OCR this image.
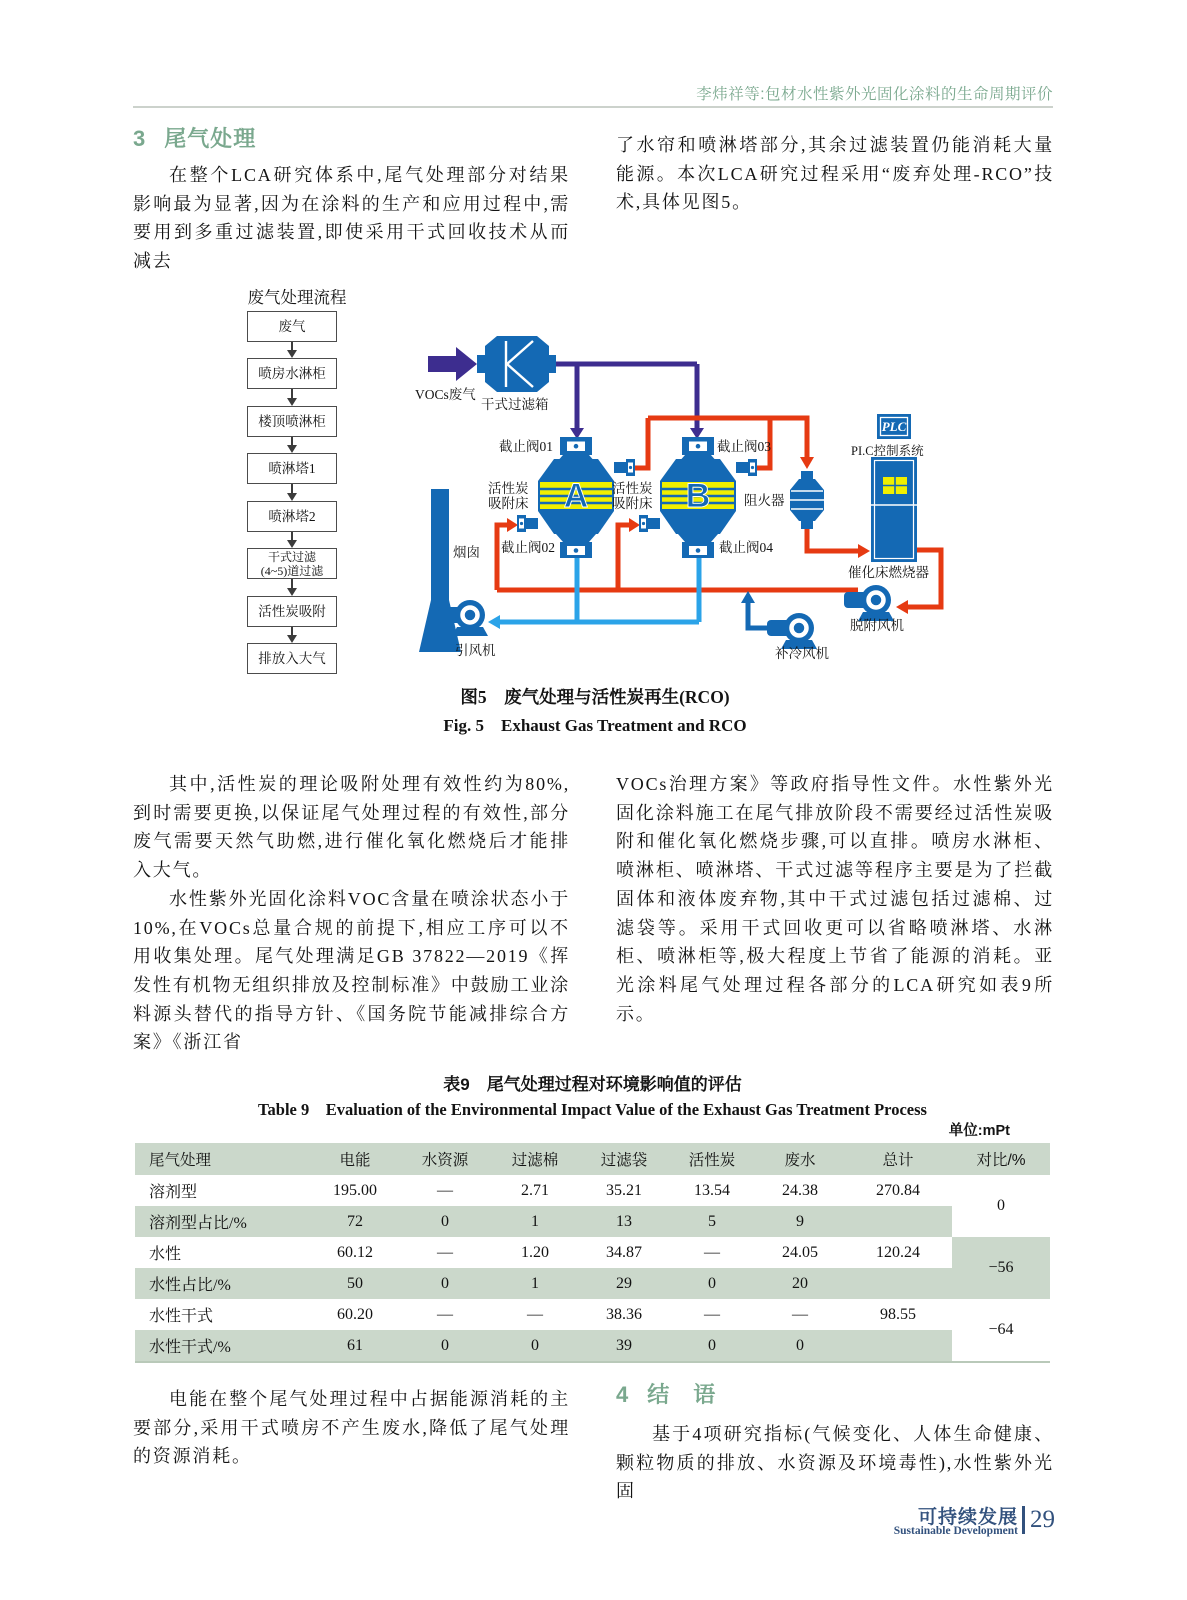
李炜祥等:包材水性紫外光固化涂料的生命周期评价
3 尾气处理
在整个LCA研究体系中,尾气处理部分对结果影响最为显著,因为在涂料的生产和应用过程中,需要用到多重过滤装置,即使采用干式回收技术从而减去
了水帘和喷淋塔部分,其余过滤装置仍能消耗大量能源。本次LCA研究过程采用“废弃处理-RCO”技术,具体见图5。
废气处理流程
废气
喷房水淋柜
楼顶喷淋柜
喷淋塔1
喷淋塔2
干式过滤
(4~5)道过滤
活性炭吸附
排放入大气
A	B
PLC
VOCs废气
干式过滤箱
截止阀01	截止阀03
截止阀02	截止阀04
活性炭
吸附床
活性炭
吸附床	阻火器
PI.C控制系统
催化床燃烧器
脱附风机
补冷风机
引风机
烟囱
图5　废气处理与活性炭再生(RCO)
Fig. 5　Exhaust Gas Treatment and RCO
其中,活性炭的理论吸附处理有效性约为80%,到时需要更换,以保证尾气处理过程的有效性,部分废气需要天然气助燃,进行催化氧化燃烧后才能排入大气。
水性紫外光固化涂料VOC含量在喷涂状态小于10%,在VOCs总量合规的前提下,相应工序可以不用收集处理。尾气处理满足GB 37822—2019《挥发性有机物无组织排放及控制标准》中鼓励工业涂料源头替代的指导方针、《国务院节能减排综合方案》《浙江省
VOCs治理方案》等政府指导性文件。水性紫外光固化涂料施工在尾气排放阶段不需要经过活性炭吸附和催化氧化燃烧步骤,可以直排。喷房水淋柜、喷淋柜、喷淋塔、干式过滤等程序主要是为了拦截固体和液体废弃物,其中干式过滤包括过滤棉、过滤袋等。采用干式回收更可以省略喷淋塔、水淋柜、喷淋柜等,极大程度上节省了能源的消耗。亚光涂料尾气处理过程各部分的LCA研究如表9所示。
表9　尾气处理过程对环境影响值的评估
Table 9　Evaluation of the Environmental Impact Value of the Exhaust Gas Treatment Process
单位:mPt
尾气处理	电能	水资源	过滤棉	过滤袋	活性炭	废水	总计	对比/%
溶剂型	195.00	—	2.71	35.21	13.54	24.38	270.84	0
溶剂型占比/%	72	0	1	13	5	9		
水性	60.12	—	1.20	34.87	—	24.05	120.24	−56
水性占比/%	50	0	1	29	0	20		
水性干式	60.20	—	—	38.36	—	—	98.55	−64
水性干式/%	61	0	0	39	0	0		
电能在整个尾气处理过程中占据能源消耗的主要部分,采用干式喷房不产生废水,降低了尾气处理的资源消耗。
4 结　语
基于4项研究指标(气候变化、人体生命健康、颗粒物质的排放、水资源及环境毒性),水性紫外光固
可持续发展
Sustainable Development 29
